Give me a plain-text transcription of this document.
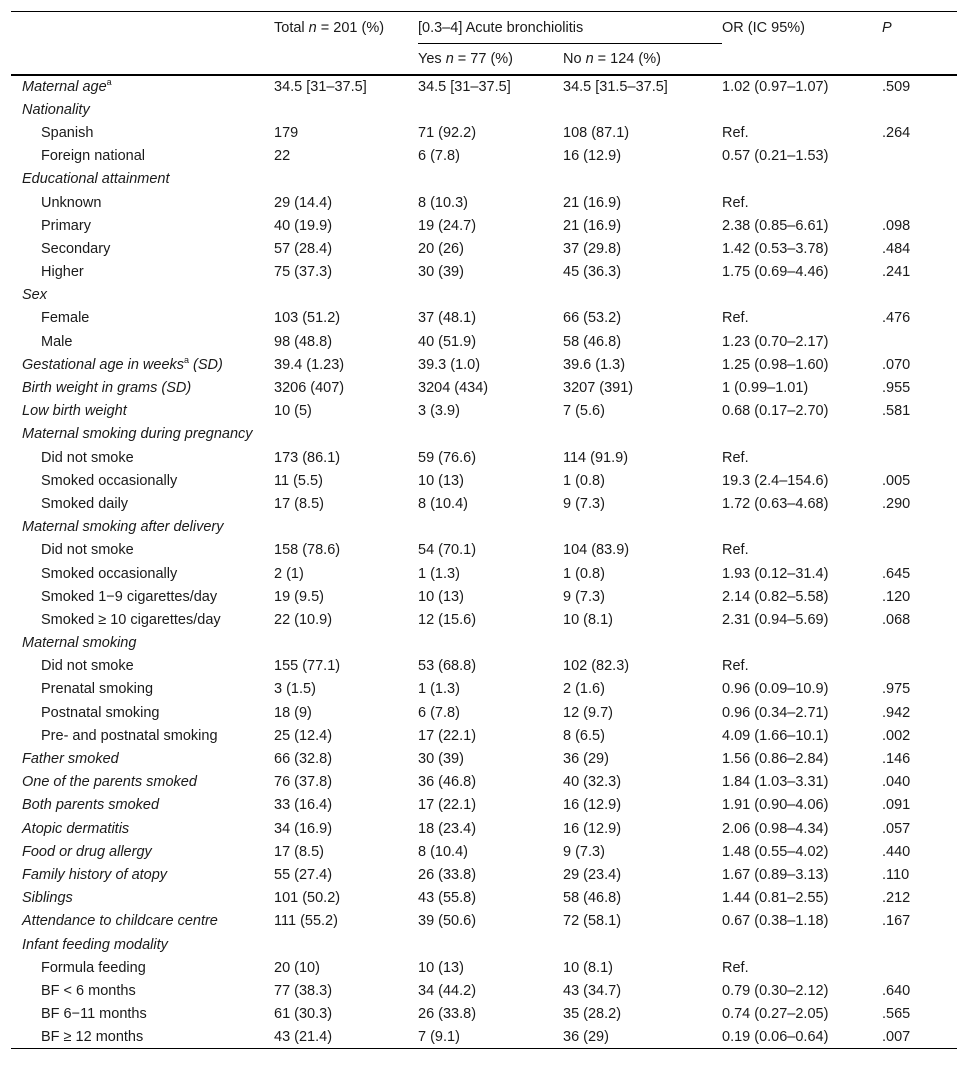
	Total n = 201 (%)	[0.3–4] Acute bronchiolitis		OR (IC 95%)	P
		Yes n = 77 (%)	No n = 124 (%)		
Maternal age$^a$	34.5 [31–37.5]	34.5 [31–37.5]	34.5 [31.5–37.5]	1.02 (0.97–1.07)	.509
Nationality					
Spanish	179	71 (92.2)	108 (87.1)	Ref.	.264
Foreign national	22	6 (7.8)	16 (12.9)	0.57 (0.21–1.53)	
Educational attainment					
Unknown	29 (14.4)	8 (10.3)	21 (16.9)	Ref.	
Primary	40 (19.9)	19 (24.7)	21 (16.9)	2.38 (0.85–6.61)	.098
Secondary	57 (28.4)	20 (26)	37 (29.8)	1.42 (0.53–3.78)	.484
Higher	75 (37.3)	30 (39)	45 (36.3)	1.75 (0.69–4.46)	.241
Sex					
Female	103 (51.2)	37 (48.1)	66 (53.2)	Ref.	.476
Male	98 (48.8)	40 (51.9)	58 (46.8)	1.23 (0.70–2.17)	
Gestational age in weeks$^a$ (SD)	39.4 (1.23)	39.3 (1.0)	39.6 (1.3)	1.25 (0.98–1.60)	.070
Birth weight in grams (SD)	3206 (407)	3204 (434)	3207 (391)	1 (0.99–1.01)	.955
Low birth weight	10 (5)	3 (3.9)	7 (5.6)	0.68 (0.17–2.70)	.581
Maternal smoking during pregnancy					
Did not smoke	173 (86.1)	59 (76.6)	114 (91.9)	Ref.	
Smoked occasionally	11 (5.5)	10 (13)	1 (0.8)	19.3 (2.4–154.6)	.005
Smoked daily	17 (8.5)	8 (10.4)	9 (7.3)	1.72 (0.63–4.68)	.290
Maternal smoking after delivery					
Did not smoke	158 (78.6)	54 (70.1)	104 (83.9)	Ref.	
Smoked occasionally	2 (1)	1 (1.3)	1 (0.8)	1.93 (0.12–31.4)	.645
Smoked 1−9 cigarettes/day	19 (9.5)	10 (13)	9 (7.3)	2.14 (0.82–5.58)	.120
Smoked ≥ 10 cigarettes/day	22 (10.9)	12 (15.6)	10 (8.1)	2.31 (0.94–5.69)	.068
Maternal smoking					
Did not smoke	155 (77.1)	53 (68.8)	102 (82.3)	Ref.	
Prenatal smoking	3 (1.5)	1 (1.3)	2 (1.6)	0.96 (0.09–10.9)	.975
Postnatal smoking	18 (9)	6 (7.8)	12 (9.7)	0.96 (0.34–2.71)	.942
Pre- and postnatal smoking	25 (12.4)	17 (22.1)	8 (6.5)	4.09 (1.66–10.1)	.002
Father smoked	66 (32.8)	30 (39)	36 (29)	1.56 (0.86–2.84)	.146
One of the parents smoked	76 (37.8)	36 (46.8)	40 (32.3)	1.84 (1.03–3.31)	.040
Both parents smoked	33 (16.4)	17 (22.1)	16 (12.9)	1.91 (0.90–4.06)	.091
Atopic dermatitis	34 (16.9)	18 (23.4)	16 (12.9)	2.06 (0.98–4.34)	.057
Food or drug allergy	17 (8.5)	8 (10.4)	9 (7.3)	1.48 (0.55–4.02)	.440
Family history of atopy	55 (27.4)	26 (33.8)	29 (23.4)	1.67 (0.89–3.13)	.110
Siblings	101 (50.2)	43 (55.8)	58 (46.8)	1.44 (0.81–2.55)	.212
Attendance to childcare centre	111 (55.2)	39 (50.6)	72 (58.1)	0.67 (0.38–1.18)	.167
Infant feeding modality					
Formula feeding	20 (10)	10 (13)	10 (8.1)	Ref.	
BF < 6 months	77 (38.3)	34 (44.2)	43 (34.7)	0.79 (0.30–2.12)	.640
BF 6−11 months	61 (30.3)	26 (33.8)	35 (28.2)	0.74 (0.27–2.05)	.565
BF ≥ 12 months	43 (21.4)	7 (9.1)	36 (29)	0.19 (0.06–0.64)	.007
